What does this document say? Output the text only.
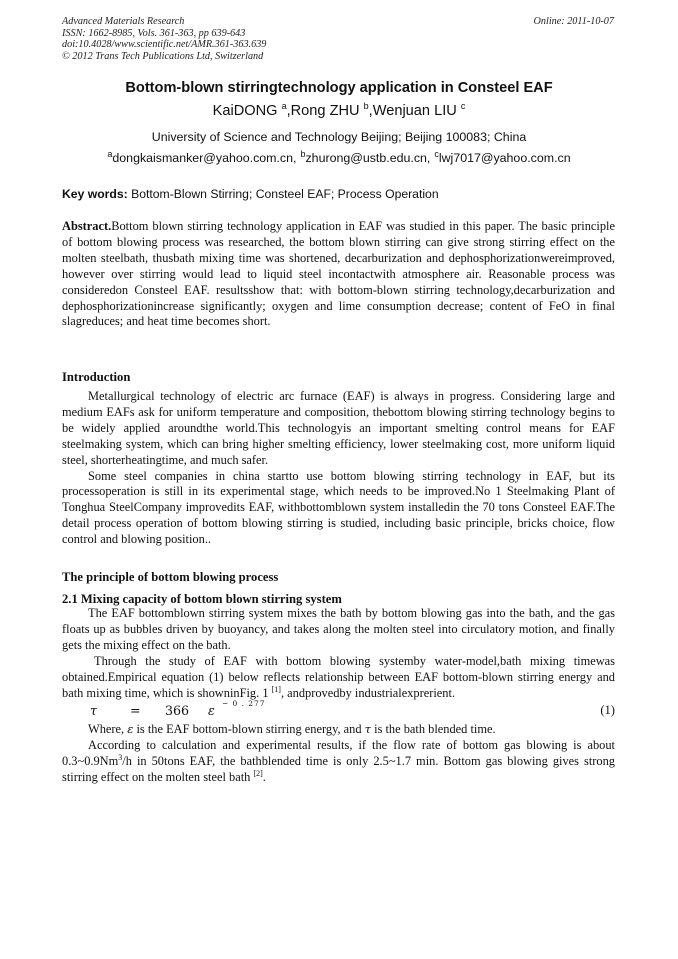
Advanced Materials Research
ISSN: 1662-8985, Vols. 361-363, pp 639-643
doi:10.4028/www.scientific.net/AMR.361-363.639
© 2012 Trans Tech Publications Ltd, Switzerland
Online: 2011-10-07
Bottom-blown stirringtechnology application in Consteel EAF
KaiDONG $^a$,Rong ZHU $^b$,Wenjuan LIU $^c$
University of Science and Technology Beijing; Beijing 100083; China
$^a$dongkaismanker@yahoo.com.cn, $^b$zhurong@ustb.edu.cn, $^c$lwj7017@yahoo.com.cn
Key words: Bottom-Blown Stirring; Consteel EAF; Process Operation
Abstract.Bottom blown stirring technology application in EAF was studied in this paper. The basic principle of bottom blowing process was researched, the bottom blown stirring can give strong stirring effect on the molten steelbath, thusbath mixing time was shortened, decarburization and dephosphorizationwereimproved, however over stirring would lead to liquid steel incontactwith atmosphere air. Reasonable process was consideredon Consteel EAF. resultsshow that: with bottom-blown stirring technology,decarburization and dephosphorizationincrease significantly; oxygen and lime consumption decrease; content of FeO in final slagreduces; and heat time becomes short.
Introduction
Metallurgical technology of electric arc furnace (EAF) is always in progress. Considering large and medium EAFs ask for uniform temperature and composition, thebottom blowing stirring technology begins to be widely applied aroundthe world.This technologyis an important smelting control means for EAF steelmaking system, which can bring higher smelting efficiency, lower steelmaking cost, more uniform liquid steel, shorterheatingtime, and much safer.
Some steel companies in china startto use bottom blowing stirring technology in EAF, but its processoperation is still in its experimental stage, which needs to be improved.No 1 Steelmaking Plant of Tonghua SteelCompany improvedits EAF, withbottomblown system installedin the 70 tons Consteel EAF.The detail process operation of bottom blowing stirring is studied, including basic principle, bricks choice, flow control and blowing position..
The principle of bottom blowing process
2.1 Mixing capacity of bottom blown stirring system
The EAF bottomblown stirring system mixes the bath by bottom blowing gas into the bath, and the gas floats up as bubbles driven by buoyancy, and takes along the molten steel into circulatory motion, and finally gets the mixing effect on the bath.
Through the study of EAF with bottom blowing systemby water-model,bath mixing timewas obtained.Empirical equation (1) below reflects relationship between EAF bottom-blown stirring energy and bath mixing time, which is showninFig. 1 [1], andprovedby industrialexprerient.
τ	= 366 ε − 0 . 277	(1)
Where, ε is the EAF bottom-blown stirring energy, and τ is the bath blended time.
According to calculation and experimental results, if the flow rate of bottom gas blowing is about 0.3~0.9Nm$^3$/h in 50tons EAF, the bathblended time is only 2.5~1.7 min. Bottom gas blowing gives strong stirring effect on the molten steel bath [2].
